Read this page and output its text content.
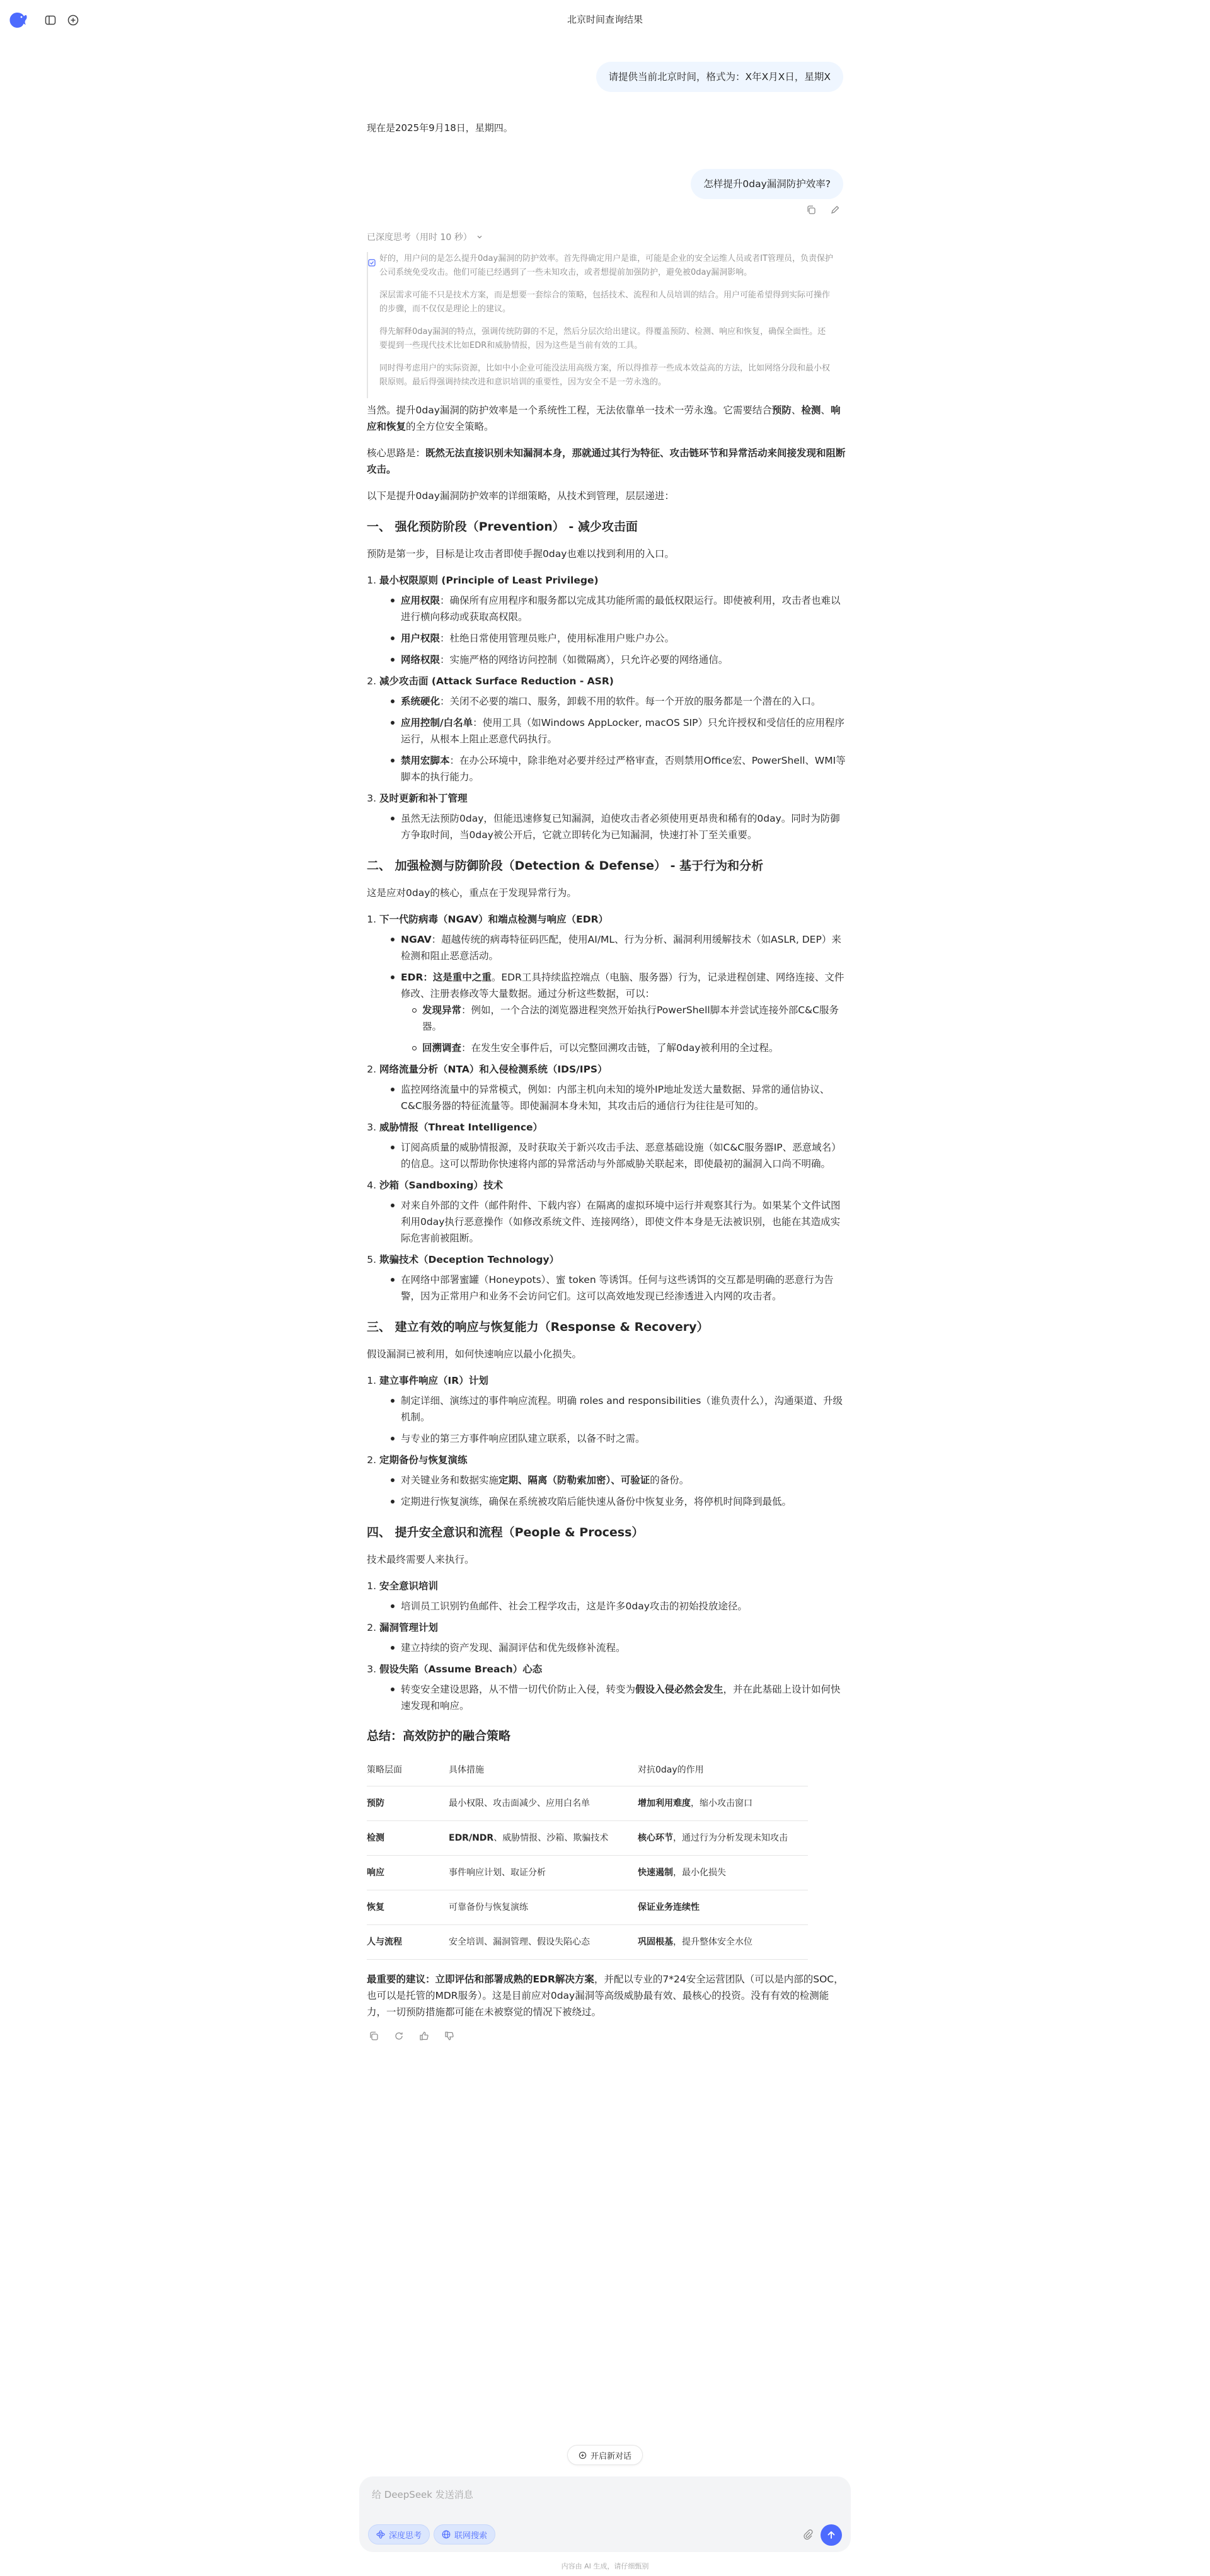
北京时间查询结果
请提供当前北京时间，格式为：X年X月X日，星期X
现在是2025年9月18日，星期四。
怎样提升0day漏洞防护效率?
已深度思考（用时 10 秒）

好的，用户问的是怎么提升0day漏洞的防护效率。首先得确定用户是谁，可能是企业的安全运维人员或者IT管理员，负责保护公司系统免受攻击。他们可能已经遇到了一些未知攻击，或者想提前加强防护，避免被0day漏洞影响。

深层需求可能不只是技术方案，而是想要一套综合的策略，包括技术、流程和人员培训的结合。用户可能希望得到实际可操作的步骤，而不仅仅是理论上的建议。

得先解释0day漏洞的特点，强调传统防御的不足，然后分层次给出建议。得覆盖预防、检测、响应和恢复，确保全面性。还要提到一些现代技术比如EDR和威胁情报，因为这些是当前有效的工具。

同时得考虑用户的实际资源，比如中小企业可能没法用高级方案，所以得推荐一些成本效益高的方法，比如网络分段和最小权限原则。最后得强调持续改进和意识培训的重要性，因为安全不是一劳永逸的。

当然。提升0day漏洞的防护效率是一个系统性工程，无法依靠单一技术一劳永逸。它需要结合预防、检测、响应和恢复的全方位安全策略。

核心思路是：既然无法直接识别未知漏洞本身，那就通过其行为特征、攻击链环节和异常活动来间接发现和阻断攻击。

以下是提升0day漏洞防护效率的详细策略，从技术到管理，层层递进：

一、 强化预防阶段（Prevention） - 减少攻击面

预防是第一步，目标是让攻击者即使手握0day也难以找到利用的入口。

1. 最小权限原则 (Principle of Least Privilege)
应用权限：确保所有应用程序和服务都以完成其功能所需的最低权限运行。即使被利用，攻击者也难以进行横向移动或获取高权限。
用户权限：杜绝日常使用管理员账户，使用标准用户账户办公。
网络权限：实施严格的网络访问控制（如微隔离），只允许必要的网络通信。
2. 减少攻击面 (Attack Surface Reduction - ASR)
系统硬化：关闭不必要的端口、服务，卸载不用的软件。每一个开放的服务都是一个潜在的入口。
应用控制/白名单：使用工具（如Windows AppLocker, macOS SIP）只允许授权和受信任的应用程序运行，从根本上阻止恶意代码执行。
禁用宏脚本：在办公环境中，除非绝对必要并经过严格审查，否则禁用Office宏、PowerShell、WMI等脚本的执行能力。
3. 及时更新和补丁管理
虽然无法预防0day，但能迅速修复已知漏洞，迫使攻击者必须使用更昂贵和稀有的0day。同时为防御方争取时间，当0day被公开后，它就立即转化为已知漏洞，快速打补丁至关重要。
二、 加强检测与防御阶段（Detection & Defense） - 基于行为和分析

这是应对0day的核心，重点在于发现异常行为。

1. 下一代防病毒（NGAV）和端点检测与响应（EDR）
NGAV：超越传统的病毒特征码匹配，使用AI/ML、行为分析、漏洞利用缓解技术（如ASLR, DEP）来检测和阻止恶意活动。
EDR：这是重中之重。EDR工具持续监控端点（电脑、服务器）行为，记录进程创建、网络连接、文件修改、注册表修改等大量数据。通过分析这些数据，可以：
发现异常：例如，一个合法的浏览器进程突然开始执行PowerShell脚本并尝试连接外部C&C服务器。
回溯调查：在发生安全事件后，可以完整回溯攻击链，了解0day被利用的全过程。
2. 网络流量分析（NTA）和入侵检测系统（IDS/IPS）
监控网络流量中的异常模式，例如：内部主机向未知的境外IP地址发送大量数据、异常的通信协议、C&C服务器的特征流量等。即使漏洞本身未知，其攻击后的通信行为往往是可知的。
3. 威胁情报（Threat Intelligence）
订阅高质量的威胁情报源，及时获取关于新兴攻击手法、恶意基础设施（如C&C服务器IP、恶意域名）的信息。这可以帮助你快速将内部的异常活动与外部威胁关联起来，即使最初的漏洞入口尚不明确。
4. 沙箱（Sandboxing）技术
对来自外部的文件（邮件附件、下载内容）在隔离的虚拟环境中运行并观察其行为。如果某个文件试图利用0day执行恶意操作（如修改系统文件、连接网络），即使文件本身是无法被识别，也能在其造成实际危害前被阻断。
5. 欺骗技术（Deception Technology）
在网络中部署蜜罐（Honeypots）、蜜 token 等诱饵。任何与这些诱饵的交互都是明确的恶意行为告警，因为正常用户和业务不会访问它们。这可以高效地发现已经渗透进入内网的攻击者。
三、 建立有效的响应与恢复能力（Response & Recovery）

假设漏洞已被利用，如何快速响应以最小化损失。

1. 建立事件响应（IR）计划
制定详细、演练过的事件响应流程。明确 roles and responsibilities（谁负责什么），沟通渠道、升级机制。
与专业的第三方事件响应团队建立联系，以备不时之需。
2. 定期备份与恢复演练
对关键业务和数据实施定期、隔离（防勒索加密）、可验证的备份。
定期进行恢复演练，确保在系统被攻陷后能快速从备份中恢复业务，将停机时间降到最低。
四、 提升安全意识和流程（People & Process）

技术最终需要人来执行。

1. 安全意识培训
培训员工识别钓鱼邮件、社会工程学攻击，这是许多0day攻击的初始投放途径。
2. 漏洞管理计划
建立持续的资产发现、漏洞评估和优先级修补流程。
3. 假设失陷（Assume Breach）心态
转变安全建设思路，从不惜一切代价防止入侵，转变为假设入侵必然会发生，并在此基础上设计如何快速发现和响应。
总结：高效防护的融合策略
策略层面	具体措施	对抗0day的作用
预防	最小权限、攻击面减少、应用白名单	增加利用难度，缩小攻击窗口
检测	EDR/NDR、威胁情报、沙箱、欺骗技术	核心环节，通过行为分析发现未知攻击
响应	事件响应计划、取证分析	快速遏制，最小化损失
恢复	可靠备份与恢复演练	保证业务连续性
人与流程	安全培训、漏洞管理、假设失陷心态	巩固根基，提升整体安全水位

最重要的建议：立即评估和部署成熟的EDR解决方案，并配以专业的7*24安全运营团队（可以是内部的SOC，也可以是托管的MDR服务）。这是目前应对0day漏洞等高级威胁最有效、最核心的投资。没有有效的检测能力，一切预防措施都可能在未被察觉的情况下被绕过。

开启新对话
给 DeepSeek 发送消息
深度思考	联网搜索
内容由 AI 生成，请仔细甄别
